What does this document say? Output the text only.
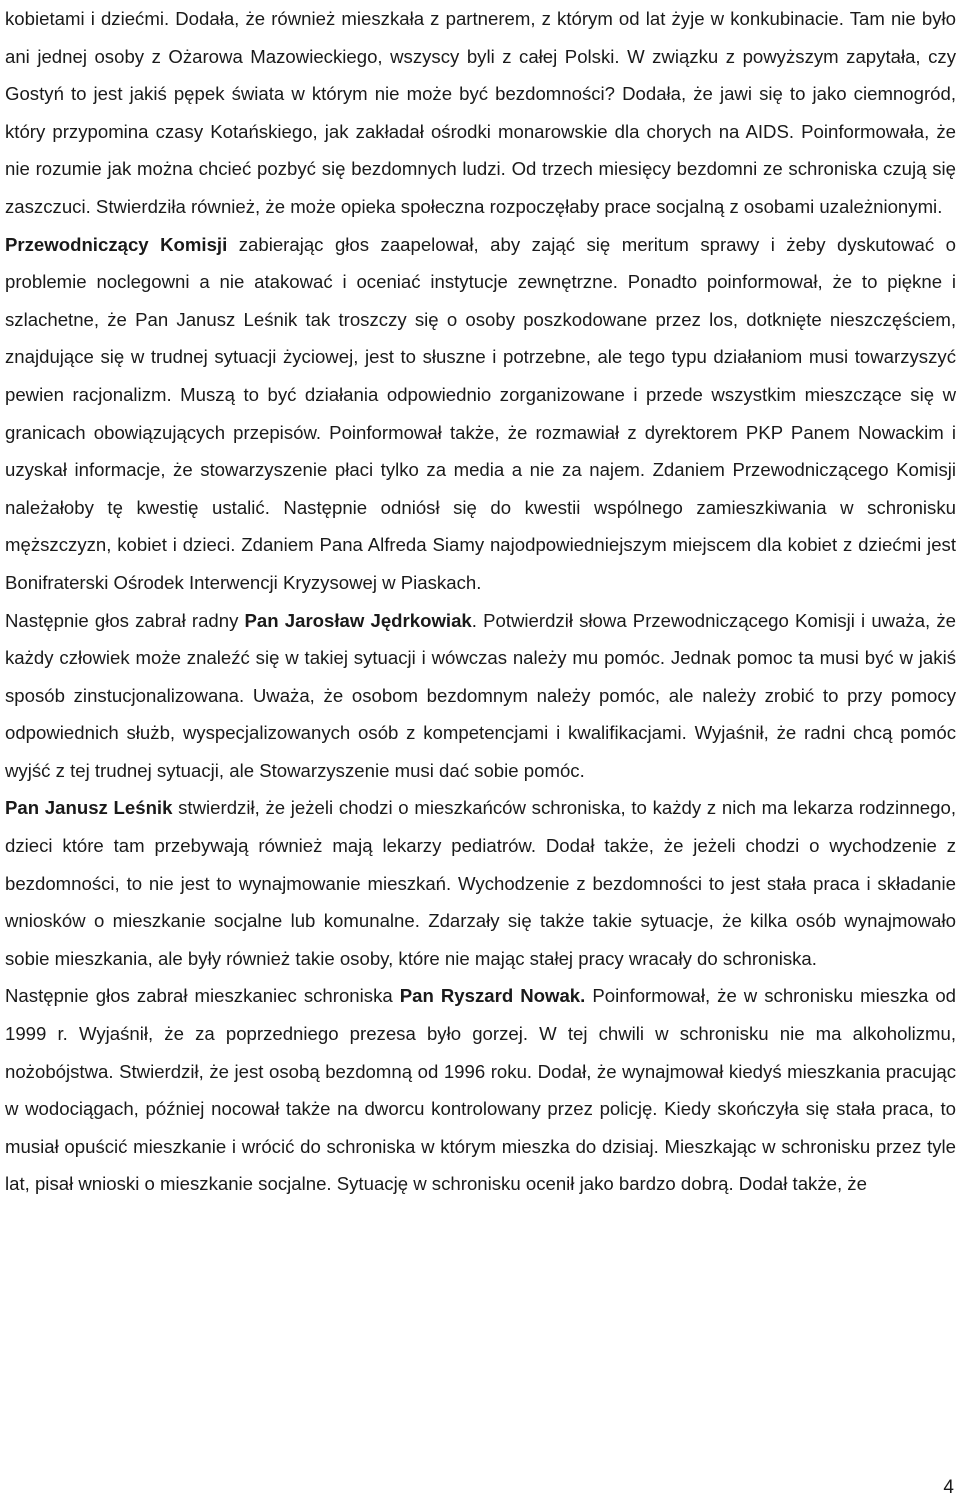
kobietami i dziećmi. Dodała, że również mieszkała z partnerem, z którym od lat żyje w konkubinacie. Tam nie było ani jednej osoby z Ożarowa Mazowieckiego, wszyscy byli z całej Polski. W związku z powyższym zapytała, czy Gostyń to jest jakiś pępek świata w którym nie może być bezdomności? Dodała, że jawi się to jako ciemnogród, który przypomina czasy Kotańskiego, jak zakładał ośrodki monarowskie dla chorych na AIDS. Poinformowała, że nie rozumie jak można chcieć pozbyć się bezdomnych ludzi. Od trzech miesięcy bezdomni ze schroniska czują się zaszczuci. Stwierdziła również, że może opieka społeczna rozpoczęłaby prace socjalną z osobami uzależnionymi.

Przewodniczący Komisji zabierając głos zaapelował, aby zająć się meritum sprawy i żeby dyskutować o problemie noclegowni a nie atakować i oceniać instytucje zewnętrzne. Ponadto poinformował, że to piękne i szlachetne, że Pan Janusz Leśnik tak troszczy się o osoby poszkodowane przez los, dotknięte nieszczęściem, znajdujące się w trudnej sytuacji życiowej, jest to słuszne i potrzebne, ale tego typu działaniom musi towarzyszyć pewien racjonalizm. Muszą to być działania odpowiednio zorganizowane i przede wszystkim mieszczące się w granicach obowiązujących przepisów. Poinformował także, że rozmawiał z dyrektorem PKP Panem Nowackim i uzyskał informacje, że stowarzyszenie płaci tylko za media a nie za najem. Zdaniem Przewodniczącego Komisji należałoby tę kwestię ustalić. Następnie odniósł się do kwestii wspólnego zamieszkiwania w schronisku męższczyzn, kobiet i dzieci. Zdaniem Pana Alfreda Siamy najodpowiedniejszym miejscem dla kobiet z dziećmi jest Bonifraterski Ośrodek Interwencji Kryzysowej w Piaskach.

Następnie głos zabrał radny Pan Jarosław Jędrkowiak. Potwierdził słowa Przewodniczącego Komisji i uważa, że każdy człowiek może znaleźć się w takiej sytuacji i wówczas należy mu pomóc. Jednak pomoc ta musi być w jakiś sposób zinstucjonalizowana. Uważa, że osobom bezdomnym należy pomóc, ale należy zrobić to przy pomocy odpowiednich służb, wyspecjalizowanych osób z kompetencjami i kwalifikacjami. Wyjaśnił, że radni chcą pomóc wyjść z tej trudnej sytuacji, ale Stowarzyszenie musi dać sobie pomóc.

Pan Janusz Leśnik stwierdził, że jeżeli chodzi o mieszkańców schroniska, to każdy z nich ma lekarza rodzinnego, dzieci które tam przebywają również mają lekarzy pediatrów. Dodał także, że jeżeli chodzi o wychodzenie z bezdomności, to nie jest to wynajmowanie mieszkań. Wychodzenie z bezdomności to jest stała praca i składanie wniosków o mieszkanie socjalne lub komunalne. Zdarzały się także takie sytuacje, że kilka osób wynajmowało sobie mieszkania, ale były również takie osoby, które nie mając stałej pracy wracały do schroniska.

Następnie głos zabrał mieszkaniec schroniska Pan Ryszard Nowak. Poinformował, że w schronisku mieszka od 1999 r. Wyjaśnił, że za poprzedniego prezesa było gorzej. W tej chwili w schronisku nie ma alkoholizmu, nożobójstwa. Stwierdził, że jest osobą bezdomną od 1996 roku. Dodał, że wynajmował kiedyś mieszkania pracując w wodociągach, później nocował także na dworcu kontrolowany przez policję. Kiedy skończyła się stała praca, to musiał opuścić mieszkanie i wrócić do schroniska w którym mieszka do dzisiaj. Mieszkając w schronisku przez tyle lat, pisał wnioski o mieszkanie socjalne. Sytuację w schronisku ocenił jako bardzo dobrą. Dodał także, że

4
